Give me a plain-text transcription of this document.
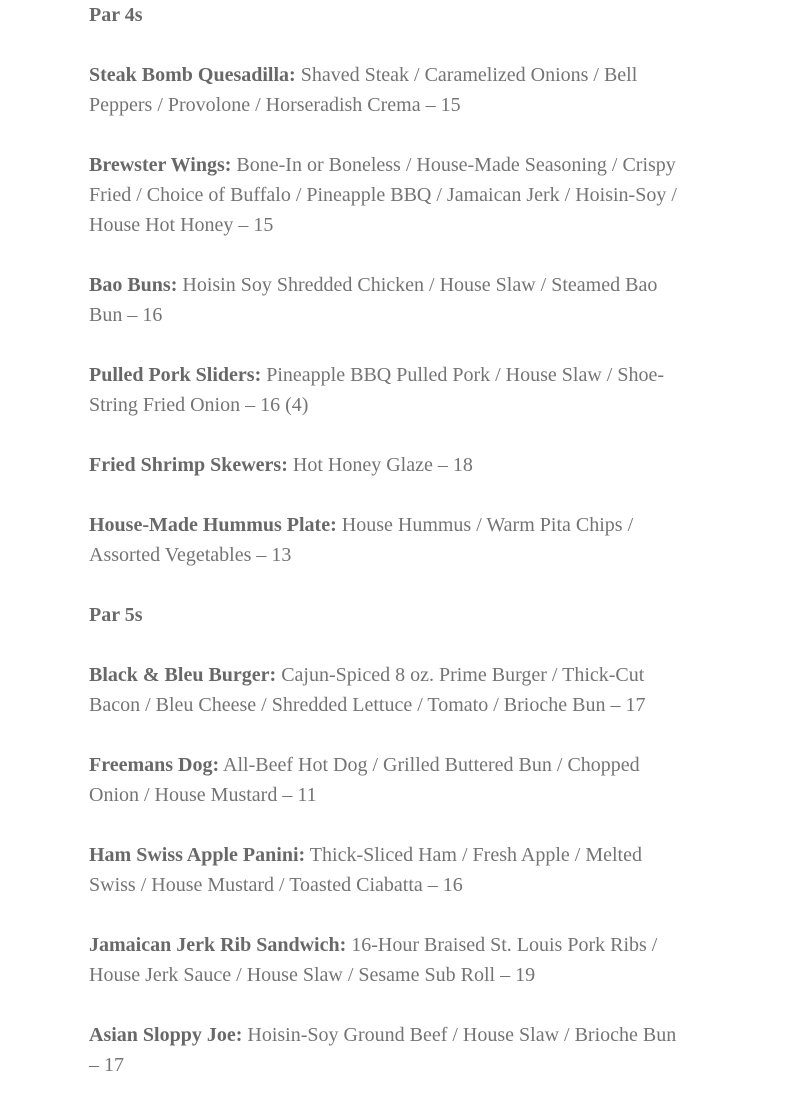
Par 4s
Steak Bomb Quesadilla: Shaved Steak / Caramelized Onions / Bell Peppers / Provolone / Horseradish Crema – 15
Brewster Wings: Bone-In or Boneless / House-Made Seasoning / Crispy Fried / Choice of Buffalo / Pineapple BBQ / Jamaican Jerk / Hoisin-Soy / House Hot Honey – 15
Bao Buns: Hoisin Soy Shredded Chicken / House Slaw / Steamed Bao Bun – 16
Pulled Pork Sliders: Pineapple BBQ Pulled Pork / House Slaw / Shoe-String Fried Onion – 16 (4)
Fried Shrimp Skewers: Hot Honey Glaze – 18
House-Made Hummus Plate: House Hummus / Warm Pita Chips / Assorted Vegetables – 13
Par 5s
Black & Bleu Burger: Cajun-Spiced 8 oz. Prime Burger / Thick-Cut Bacon / Bleu Cheese / Shredded Lettuce / Tomato / Brioche Bun – 17
Freemans Dog: All-Beef Hot Dog / Grilled Buttered Bun / Chopped Onion / House Mustard – 11
Ham Swiss Apple Panini: Thick-Sliced Ham / Fresh Apple / Melted Swiss / House Mustard / Toasted Ciabatta – 16
Jamaican Jerk Rib Sandwich: 16-Hour Braised St. Louis Pork Ribs / House Jerk Sauce / House Slaw / Sesame Sub Roll – 19
Asian Sloppy Joe: Hoisin-Soy Ground Beef / House Slaw / Brioche Bun – 17
